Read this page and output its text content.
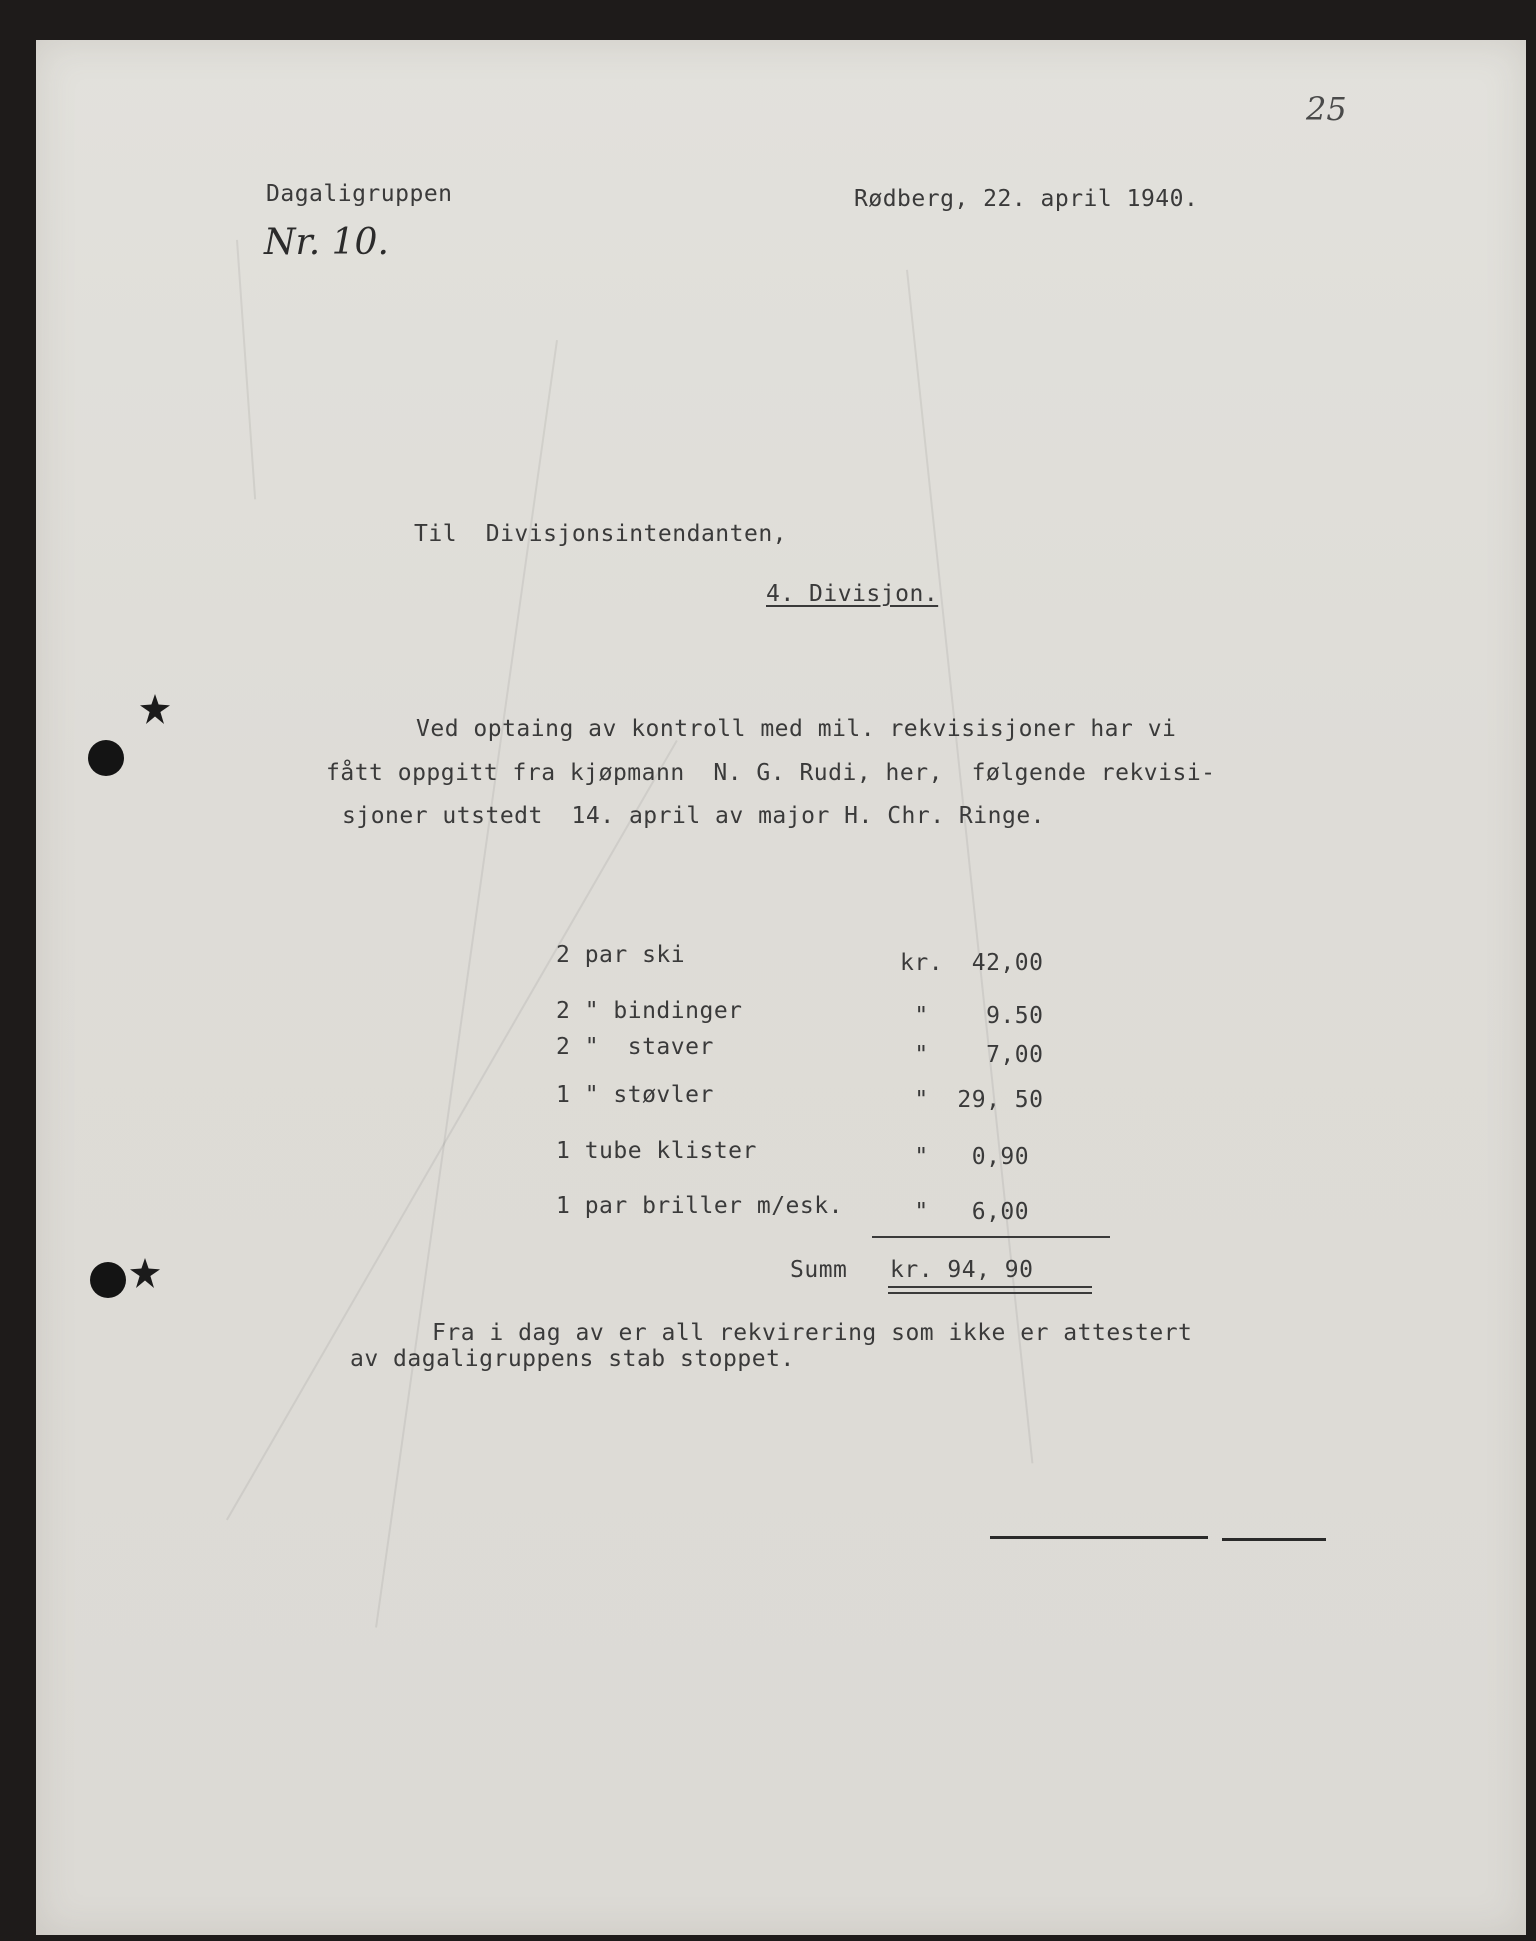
25
Dagaligruppen
Nr. 10.
Rødberg, 22. april 1940.
Til  Divisjonsintendanten,
4. Divisjon.
Ved optaing av kontroll med mil. rekvisisjoner har vi
fått oppgitt fra kjøpmann  N. G. Rudi, her,  følgende rekvisi-
sjoner utstedt  14. april av major H. Chr. Ringe.
2 par ski	kr.  42,00
2 " bindinger	"    9.50
2 "  staver	"    7,00
1 " støvler	"  29, 50
1 tube klister	"   0,90
1 par briller m/esk. "   6,00
Summ kr. 94, 90
Fra i dag av er all rekvirering som ikke er attestert
av dagaligruppens stab stoppet.
